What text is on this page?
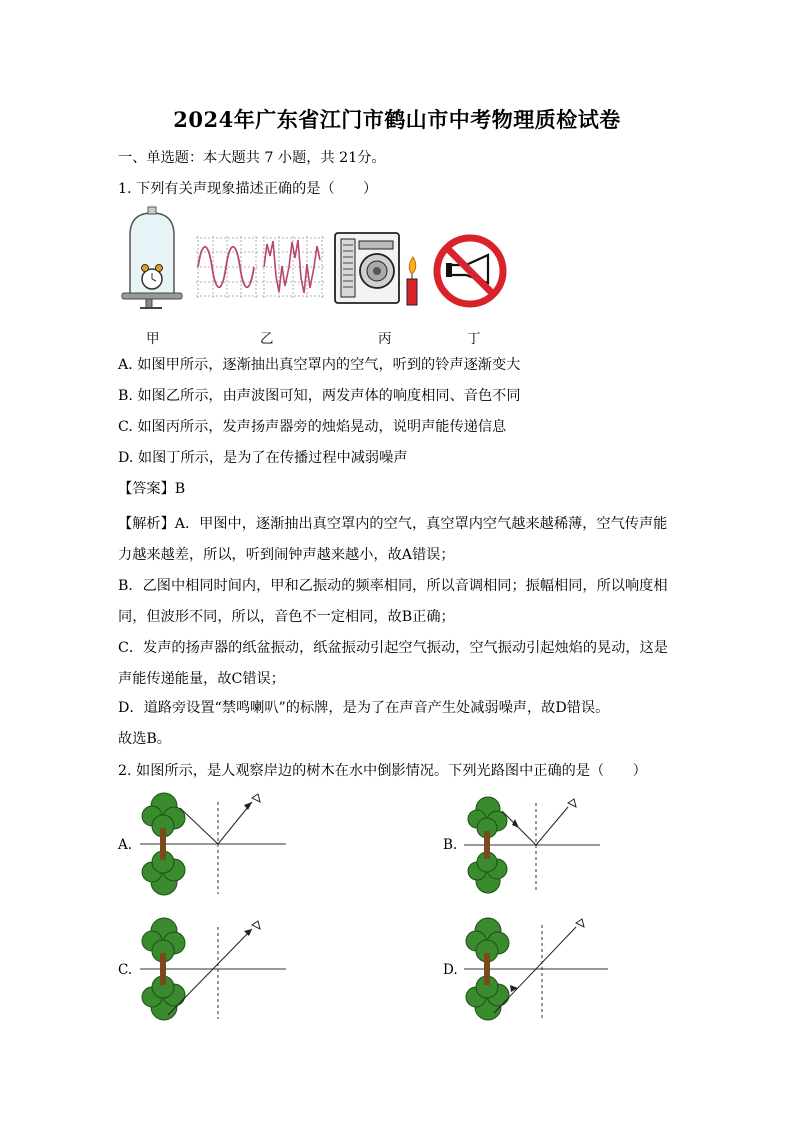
2024年广东省江门市鹤山市中考物理质检试卷
一、单选题：本大题共 7 小题，共 21分。
1. 下列有关声现象描述正确的是（　　）
甲	乙	丙	丁
A. 如图甲所示，逐渐抽出真空罩内的空气，听到的铃声逐渐变大
B. 如图乙所示，由声波图可知，两发声体的响度相同、音色不同
C. 如图丙所示，发声扬声器旁的烛焰晃动，说明声能传递信息
D. 如图丁所示，是为了在传播过程中减弱噪声
【答案】B
【解析】A．甲图中，逐渐抽出真空罩内的空气，真空罩内空气越来越稀薄，空气传声能力越来越差，所以，听到闹钟声越来越小，故A错误；
B．乙图中相同时间内，甲和乙振动的频率相同，所以音调相同；振幅相同，所以响度相同，但波形不同，所以，音色不一定相同，故B正确；
C．发声的扬声器的纸盆振动，纸盆振动引起空气振动，空气振动引起烛焰的晃动，这是声能传递能量，故C错误；
D．道路旁设置“禁鸣喇叭”的标牌，是为了在声音产生处减弱噪声，故D错误。
故选B。
2. 如图所示，是人观察岸边的树木在水中倒影情况。下列光路图中正确的是（　　）
A.	B.
C.	D.
